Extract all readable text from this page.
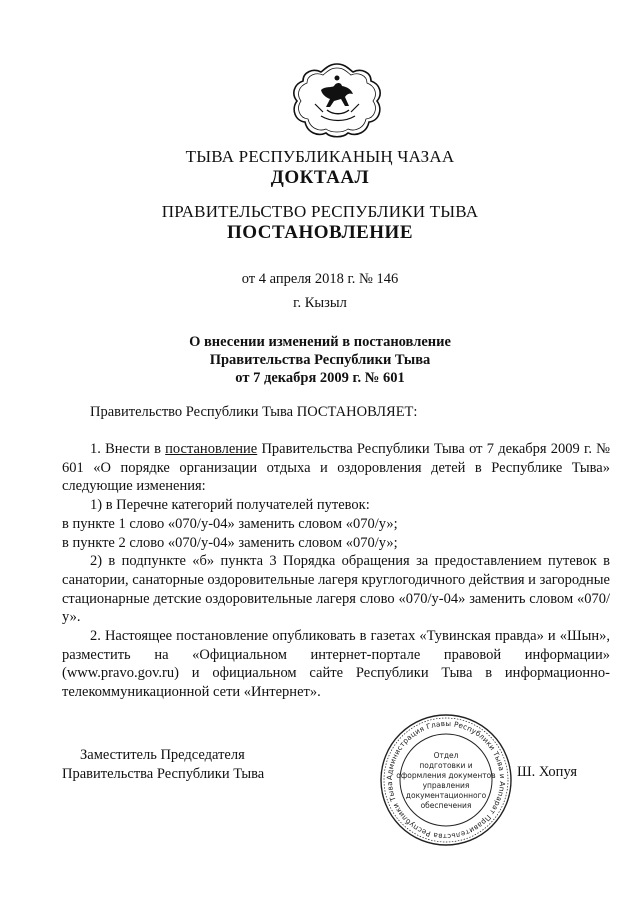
ТЫВА РЕСПУБЛИКАНЫҢ ЧАЗАА
ДОКТААЛ
ПРАВИТЕЛЬСТВО РЕСПУБЛИКИ ТЫВА
ПОСТАНОВЛЕНИЕ
от 4 апреля 2018 г. № 146
г. Кызыл
О внесении изменений в постановление
Правительства Республики Тыва
от 7 декабря 2009 г. № 601

Правительство Республики Тыва ПОСТАНОВЛЯЕТ:

1. Внести в постановление Правительства Республики Тыва от 7 декабря 2009 г. № 601 «О порядке организации отдыха и оздоровления детей в Республике Тыва» следующие изменения:

1) в Перечне категорий получателей путевок:

в пункте 1 слово «070/у-04» заменить словом «070/у»;

в пункте 2 слово «070/у-04» заменить словом «070/у»;

2) в подпункте «б» пункта 3 Порядка обращения за предоставлением путевок в санатории, санаторные оздоровительные лагеря круглогодичного действия и загородные стационарные детские оздоровительные лагеря слово «070/у-04» заменить словом «070/у».

2. Настоящее постановление опубликовать в газетах «Тувинская правда» и «Шын», разместить на «Официальном интернет-портале правовой информации» (www.pravo.gov.ru) и официальном сайте Республики Тыва в информационно-телекоммуникационной сети «Интернет».

Заместитель Председателя
Правительства Республики Тыва	Ш. Хопуя
Администрация Главы Республики Тыва и Аппарат Правительства Республики Тыва
Отдел
подготовки и
оформления документов
управления
документационного
обеспечения
